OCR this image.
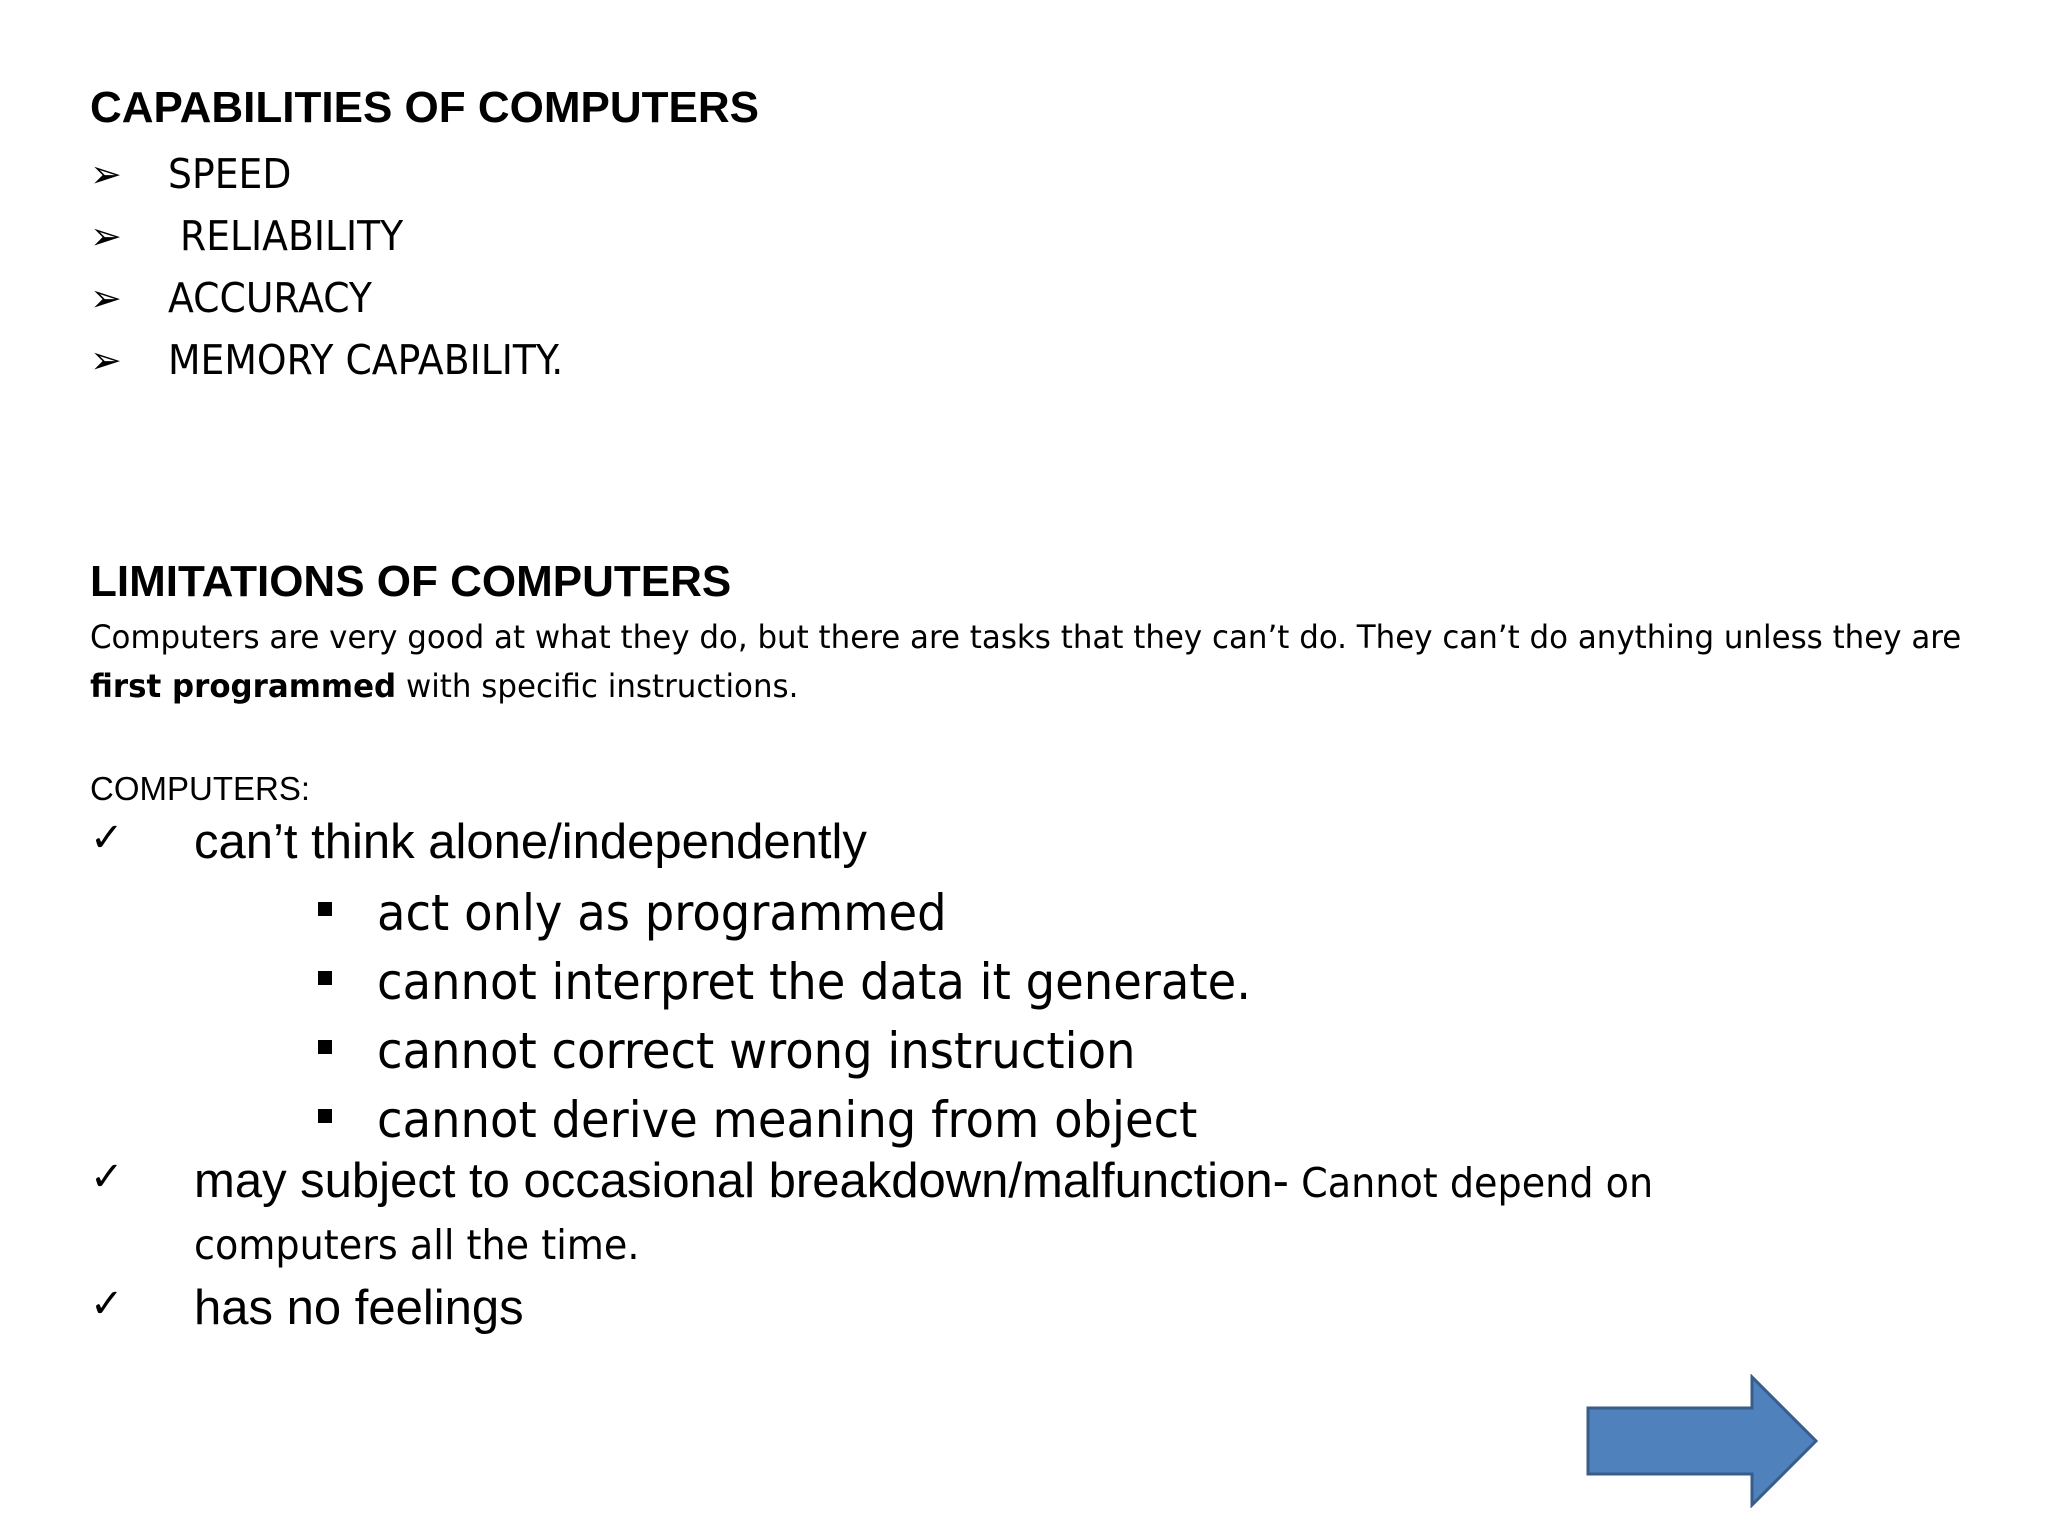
CAPABILITIES OF COMPUTERS
➢	SPEED
➢	RELIABILITY
➢	ACCURACY
➢	MEMORY CAPABILITY.
LIMITATIONS OF COMPUTERS

Computers are very good at what they do, but there are tasks that they can’t do. They can’t do anything unless they are first programmed with specific instructions.

COMPUTERS:

✓	can’t think alone/independently
act only as programmed
cannot interpret the data it generate.
cannot correct wrong instruction
cannot derive meaning from object
✓	may subject to occasional breakdown/malfunction- Cannot depend on

computers all the time.

✓	has no feelings
